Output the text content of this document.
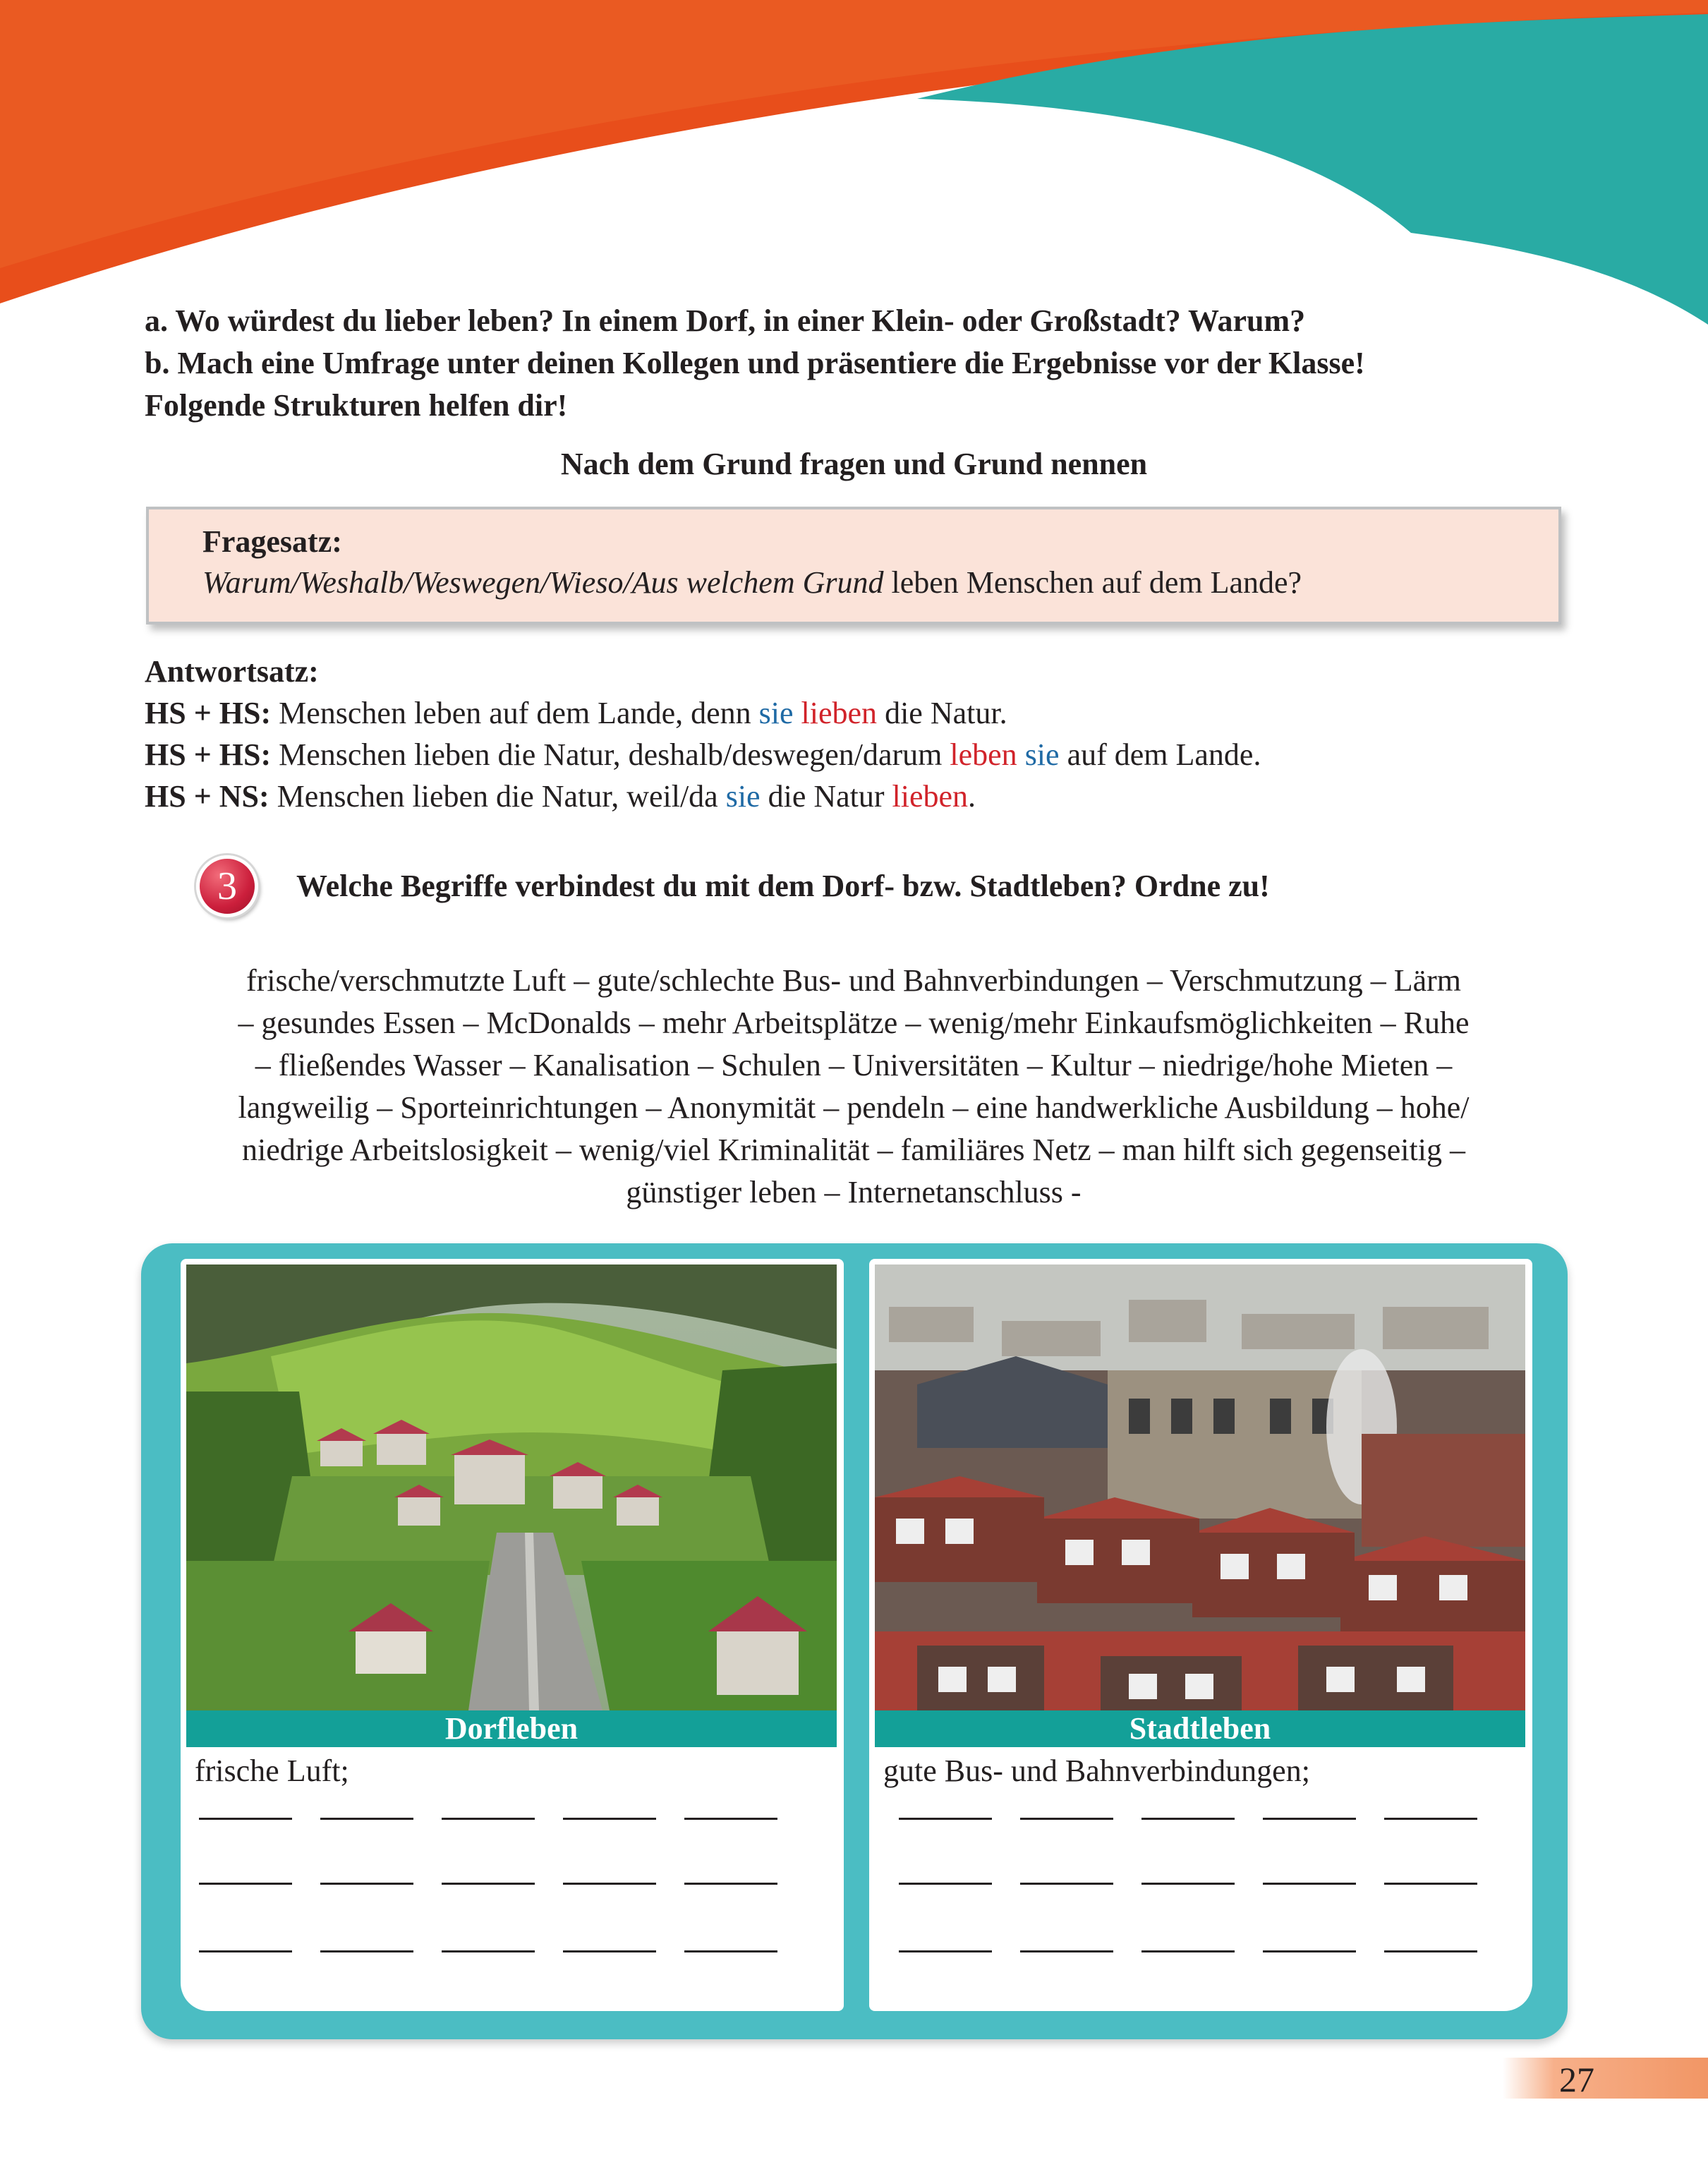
a. Wo würdest du lieber leben? In einem Dorf, in einer Klein- oder Großstadt? Warum?
b. Mach eine Umfrage unter deinen Kollegen und präsentiere die Ergebnisse vor der Klasse!
Folgende Strukturen helfen dir!
Nach dem Grund fragen und Grund nennen
Fragesatz:
Warum/Weshalb/Weswegen/Wieso/Aus welchem Grund leben Menschen auf dem Lande?
Antwortsatz:
HS + HS: Menschen leben auf dem Lande, denn sie lieben die Natur.
HS + HS: Menschen lieben die Natur, deshalb/deswegen/darum leben sie auf dem Lande.
HS + NS: Menschen lieben die Natur, weil/da sie die Natur lieben.
3	Welche Begriffe verbindest du mit dem Dorf- bzw. Stadtleben? Ordne zu!
frische/verschmutzte Luft – gute/schlechte Bus- und Bahnverbindungen – Verschmutzung – Lärm
– gesundes Essen – McDonalds – mehr Arbeitsplätze – wenig/mehr Einkaufsmöglichkeiten – Ruhe
– fließendes Wasser – Kanalisation – Schulen – Universitäten – Kultur – niedrige/hohe Mieten –
langweilig – Sporteinrichtungen – Anonymität – pendeln – eine handwerkliche Ausbildung – hohe/
niedrige Arbeitslosigkeit – wenig/viel Kriminalität – familiäres Netz – man hilft sich gegenseitig –
günstiger leben – Internetanschluss -
Dorfleben
frische Luft;
Stadtleben
gute Bus- und Bahnverbindungen;
27
